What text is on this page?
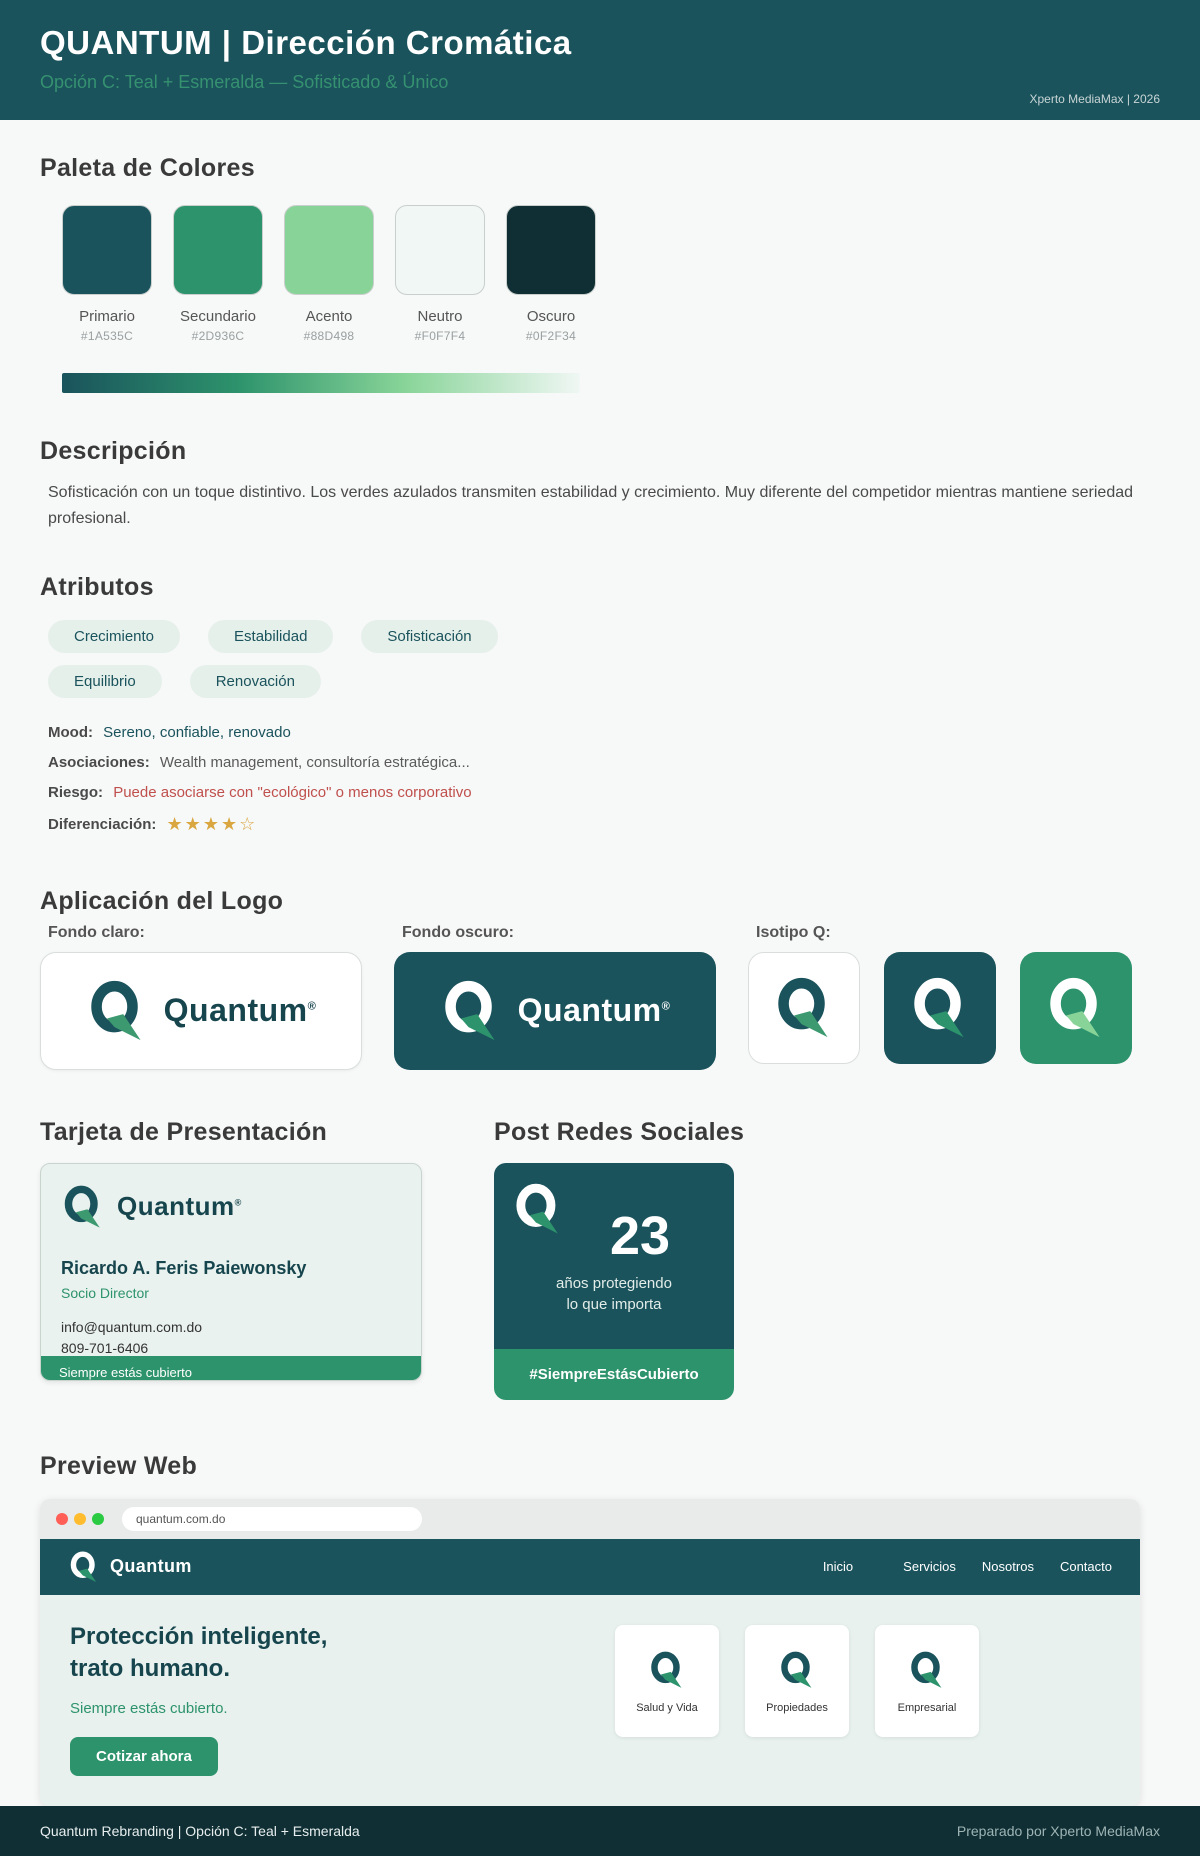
QUANTUM | Dirección Cromática
Opción C: Teal + Esmeralda — Sofisticado & Único
Xperto MediaMax | 2026
Paleta de Colores
Primario
#1A535C
Secundario
#2D936C
Acento
#88D498
Neutro
#F0F7F4
Oscuro
#0F2F34
Descripción

Sofisticación con un toque distintivo. Los verdes azulados transmiten estabilidad y crecimiento. Muy diferente del competidor mientras mantiene seriedad profesional.

Atributos
Crecimiento	Estabilidad	Sofisticación
Equilibrio	Renovación
Mood: Sereno, confiable, renovado
Asociaciones: Wealth management, consultoría estratégica...
Riesgo: Puede asociarse con "ecológico" o menos corporativo
Diferenciación: ★★★★☆
Aplicación del Logo
Fondo claro:
Quantum®
Fondo oscuro:
Quantum®
Isotipo Q:
Tarjeta de Presentación
Quantum®
Ricardo A. Feris Paiewonsky
Socio Director
info@quantum.com.do
809-701-6406
Siempre estás cubierto
Post Redes Sociales
23
años protegiendo
lo que importa
#SiempreEstásCubierto
Preview Web
quantum.com.do
Quantum	Inicio	Servicios Nosotros Contacto
Protección inteligente,
trato humano.
Siempre estás cubierto.
Cotizar ahora
Salud y Vida	Propiedades	Empresarial
Quantum Rebranding | Opción C: Teal + Esmeralda	Preparado por Xperto MediaMax
